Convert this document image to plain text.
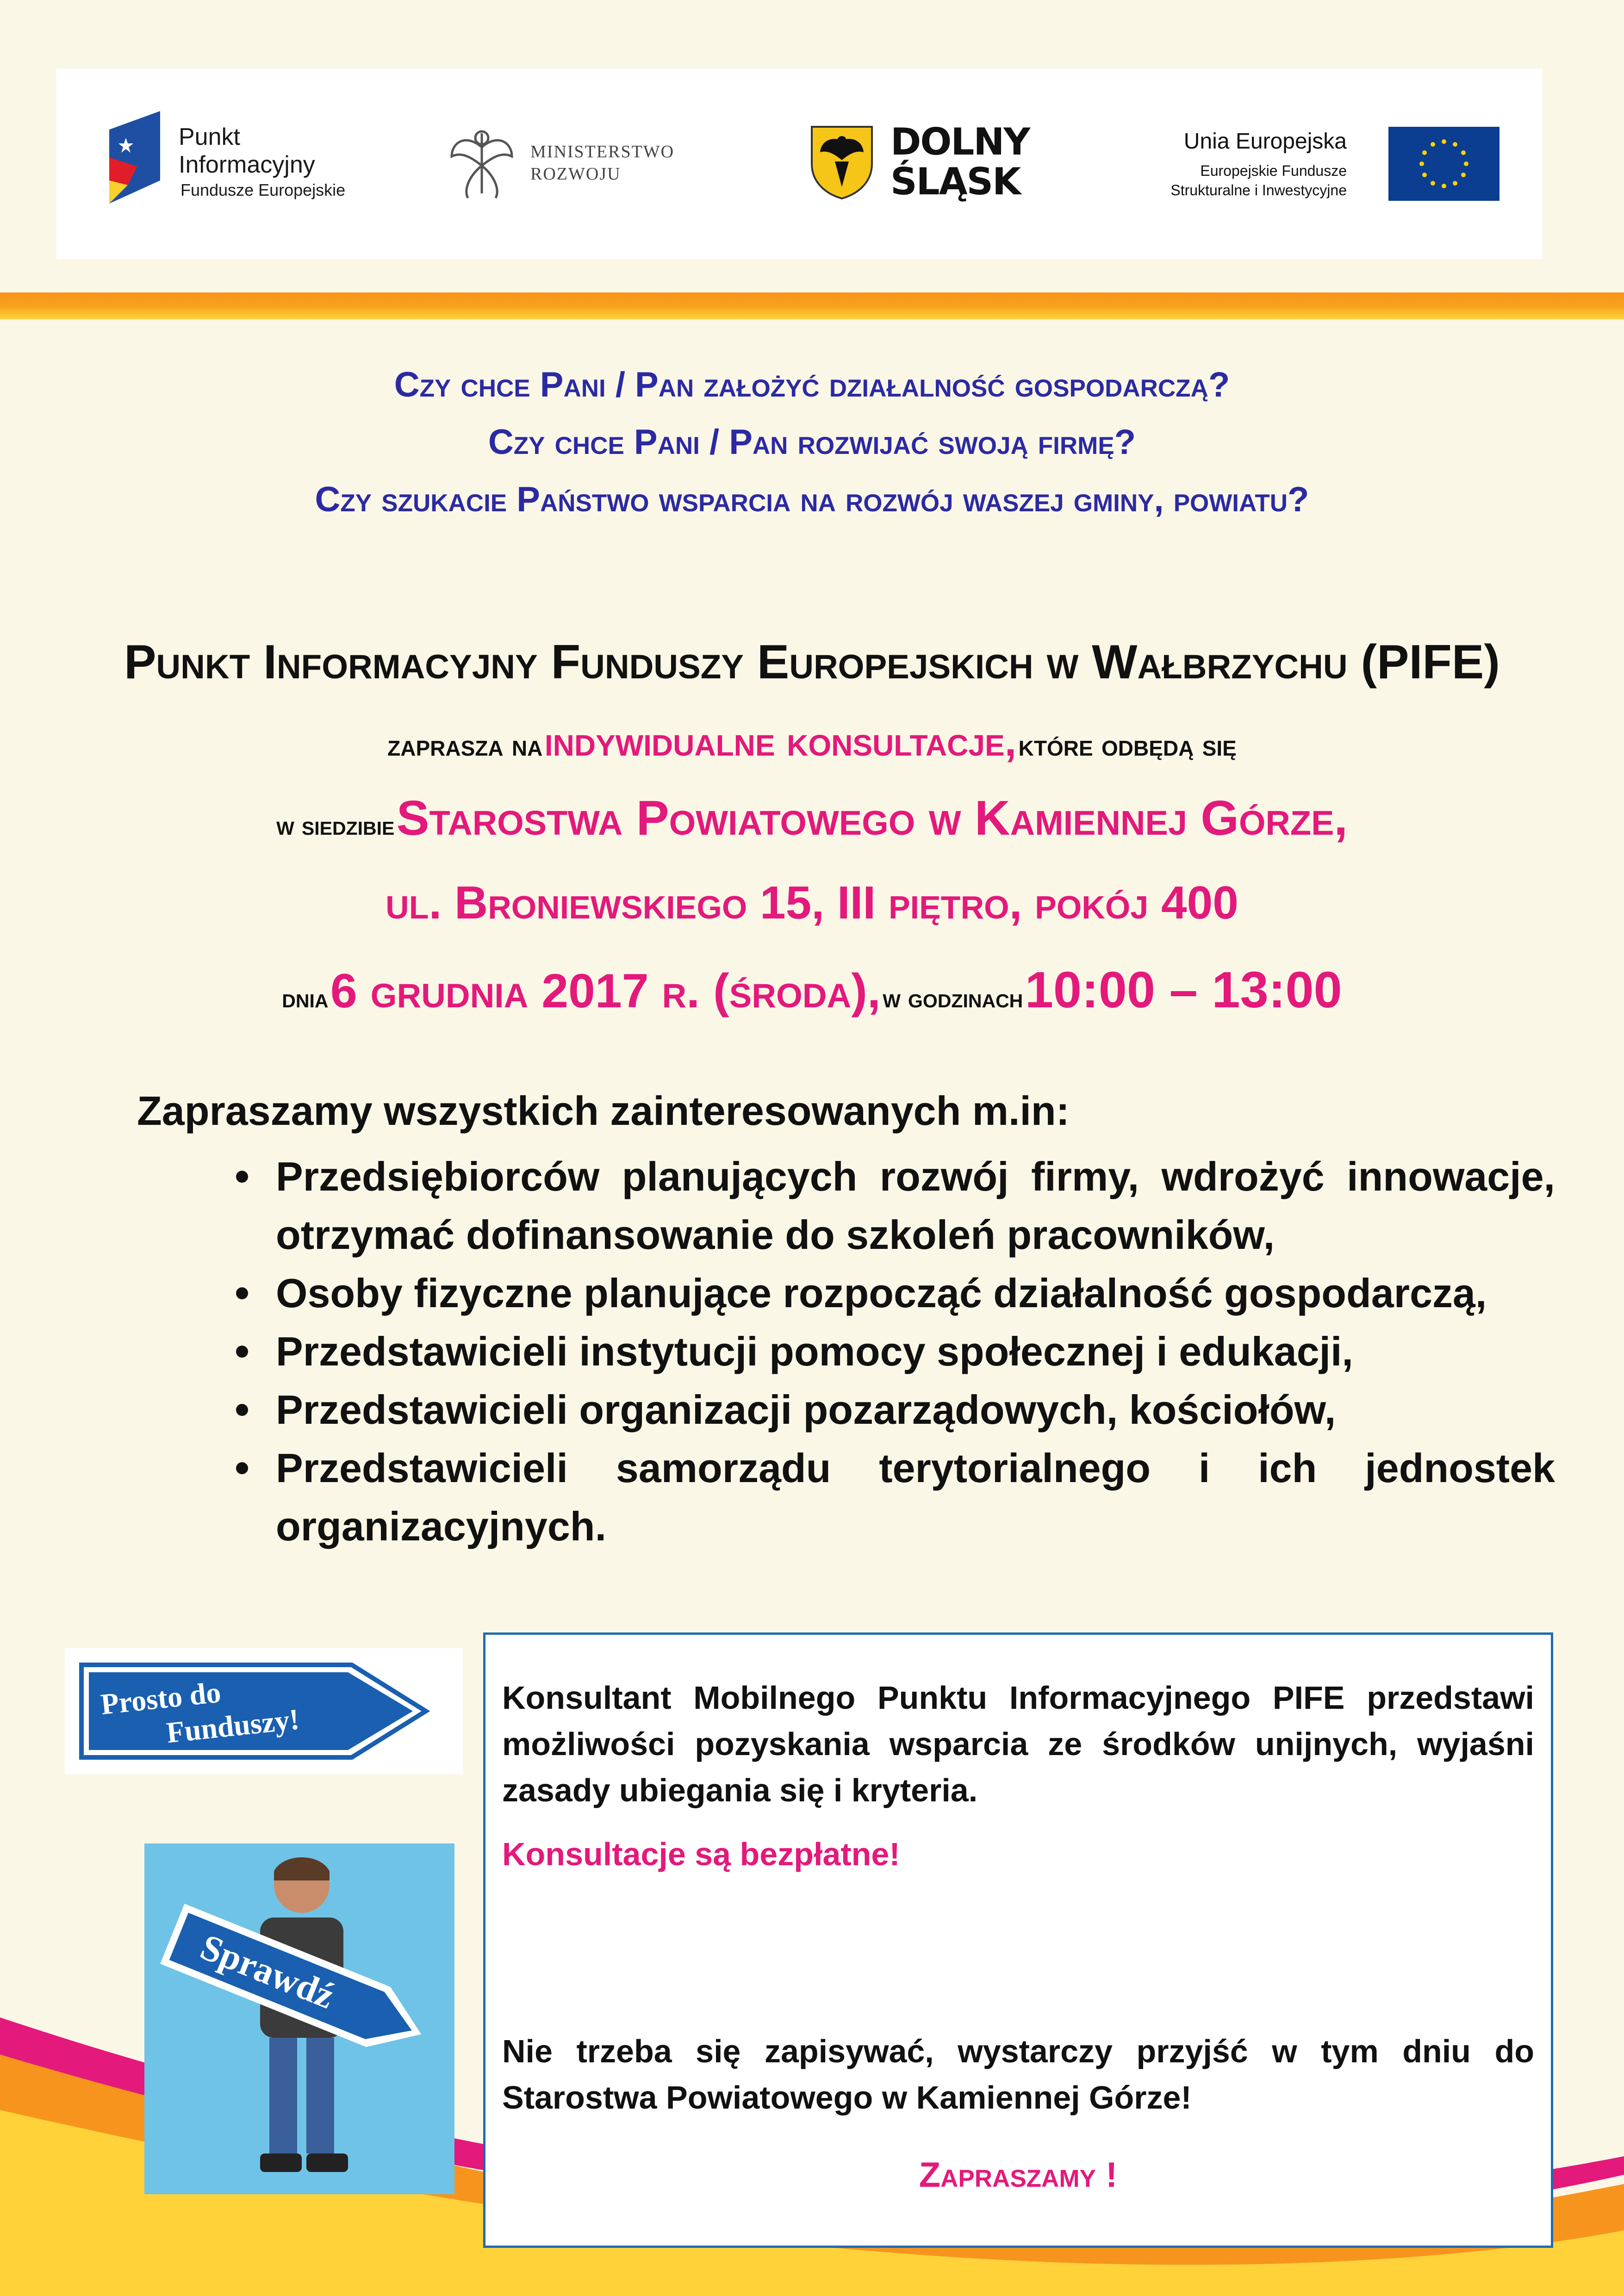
Punkt
Informacyjny
Fundusze Europejskie
MINISTERSTWO
ROZWOJU
DOLNY
ŚLĄSK
Unia Europejska
Europejskie Fundusze
Strukturalne i Inwestycyjne
Czy chce Pani / Pan założyć działalność gospodarczą?
Czy chce Pani / Pan rozwijać swoją firmę?
Czy szukacie Państwo wsparcia na rozwój waszej gminy, powiatu?
Punkt Informacyjny Funduszy Europejskich w Wałbrzychu (PIFE)
zaprasza na indywidualne konsultacje, które odbędą się
w siedzibie Starostwa Powiatowego w Kamiennej Górze,
ul. Broniewskiego 15, III piętro, pokój 400
dnia 6 grudnia 2017 r. (środa), w godzinach 10:00 – 13:00
Zapraszamy wszystkich zainteresowanych m.in:
Przedsiębiorców planujących rozwój firmy, wdrożyć innowacje, otrzymać dofinansowanie do szkoleń pracowników,
Osoby fizyczne planujące rozpocząć działalność gospodarczą,
Przedstawicieli instytucji pomocy społecznej i edukacji,
Przedstawicieli organizacji pozarządowych, kościołów,
Przedstawicieli samorządu terytorialnego i ich jednostek organizacyjnych.
Prosto do
Funduszy!
Sprawdź

Konsultant Mobilnego Punktu Informacyjnego PIFE przedstawi możliwości pozyskania wsparcia ze środków unijnych, wyjaśni zasady ubiegania się i kryteria.

Konsultacje są bezpłatne!

Nie trzeba się zapisywać, wystarczy przyjść w tym dniu do Starostwa Powiatowego w Kamiennej Górze!

Zapraszamy !
